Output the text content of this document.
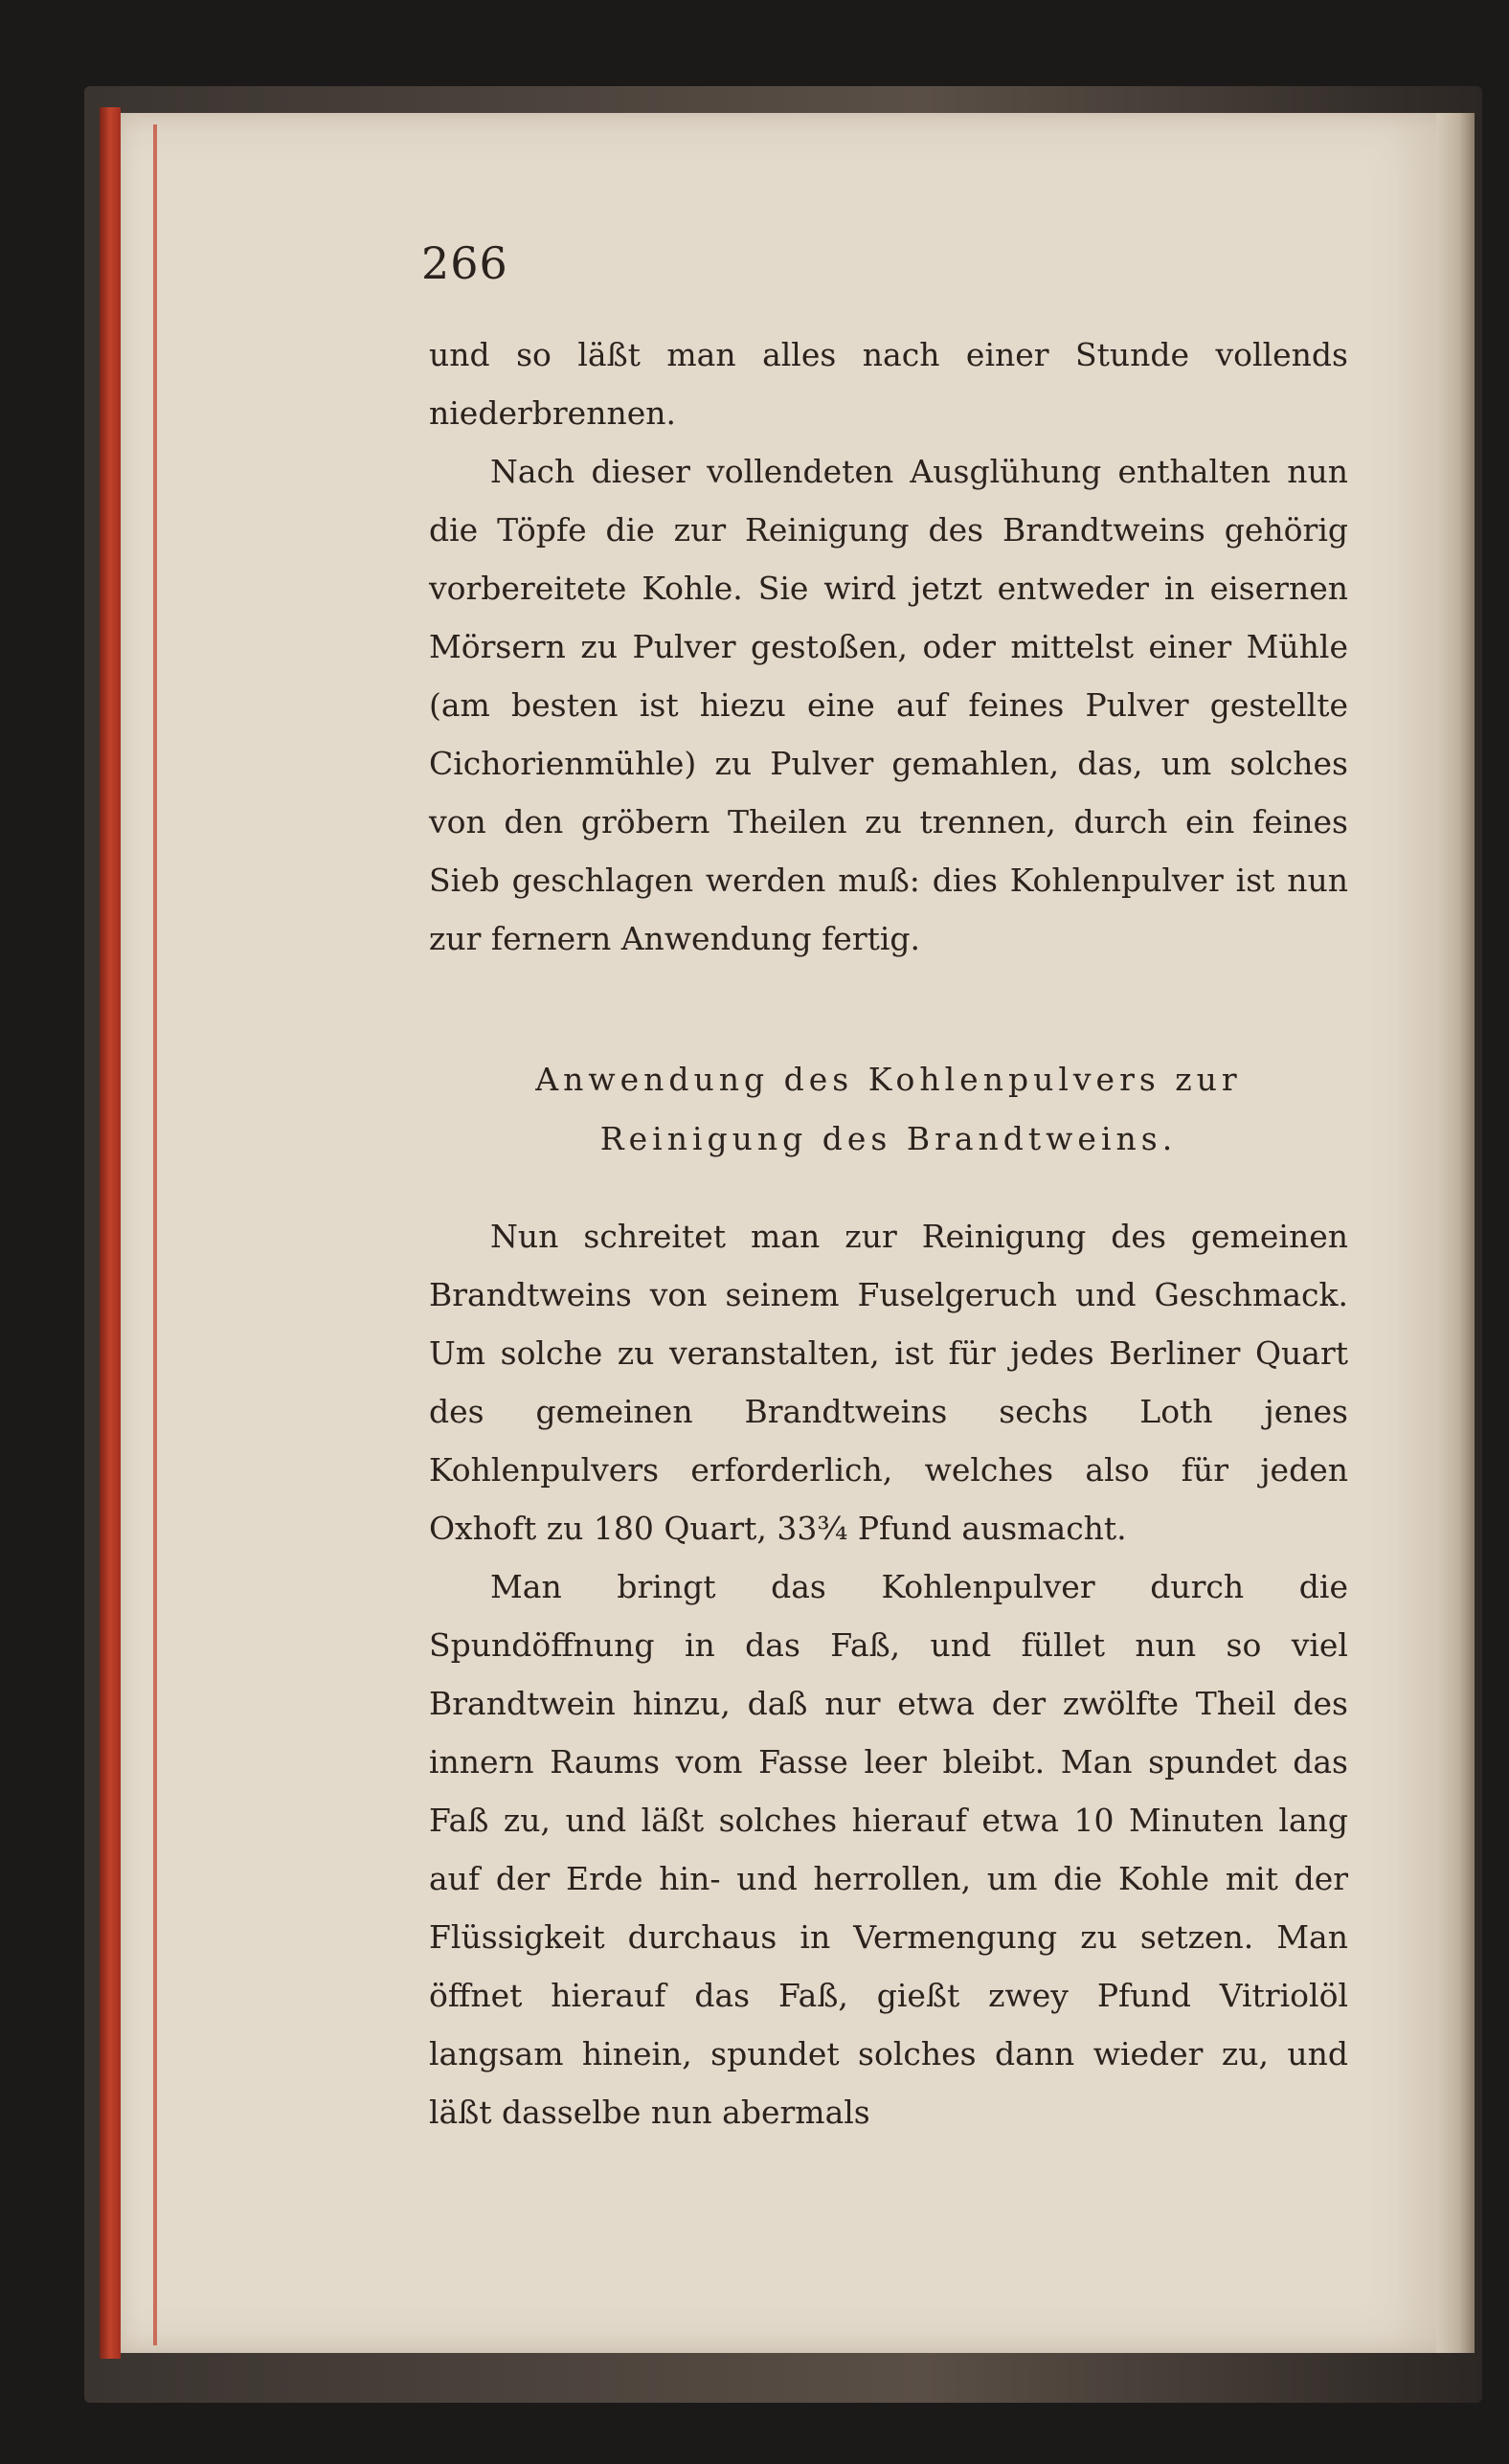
266

und so läßt man alles nach einer Stunde vollends niederbrennen.

Nach dieser vollendeten Ausglühung enthalten nun die Töpfe die zur Reinigung des Brandtweins gehörig vorbereitete Kohle. Sie wird jetzt entweder in eisernen Mörsern zu Pulver gestoßen, oder mittelst einer Mühle (am besten ist hiezu eine auf feines Pulver gestellte Cichorienmühle) zu Pulver gemahlen, das, um solches von den gröbern Theilen zu trennen, durch ein feines Sieb geschlagen werden muß: dies Kohlenpulver ist nun zur fernern Anwendung fertig.

Anwendung des Kohlenpulvers zur Reinigung des Brandtweins.

Nun schreitet man zur Reinigung des gemeinen Brandtweins von seinem Fuselgeruch und Geschmack. Um solche zu veranstalten, ist für jedes Berliner Quart des gemeinen Brandtweins sechs Loth jenes Kohlenpulvers erforderlich, welches also für jeden Oxhoft zu 180 Quart, 33¾ Pfund ausmacht.

Man bringt das Kohlenpulver durch die Spundöffnung in das Faß, und füllet nun so viel Brandtwein hinzu, daß nur etwa der zwölfte Theil des innern Raums vom Fasse leer bleibt. Man spundet das Faß zu, und läßt solches hierauf etwa 10 Minuten lang auf der Erde hin- und herrollen, um die Kohle mit der Flüssigkeit durchaus in Vermengung zu setzen. Man öffnet hierauf das Faß, gießt zwey Pfund Vitriolöl langsam hinein, spundet solches dann wieder zu, und läßt dasselbe nun abermals
